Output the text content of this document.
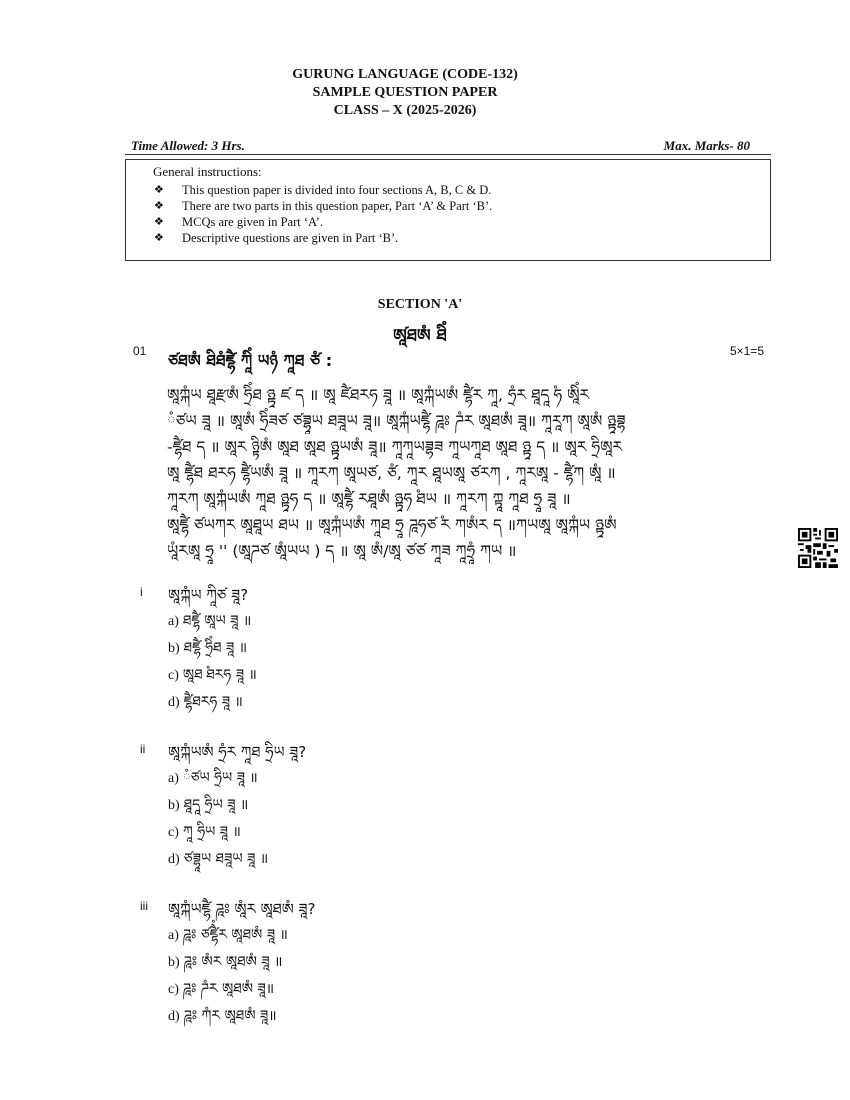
GURUNG LANGUAGE (CODE-132)
SAMPLE QUESTION PAPER
CLASS – X (2025-2026)
Time Allowed: 3 Hrs.	Max. Marks- 80
General instructions:
❖ This question paper is divided into four sections A, B, C & D.
❖ There are two parts in this question paper, Part ‘A’ & Part ‘B’.
❖ MCQs are given in Part ‘A’.
❖ Descriptive questions are given in Part ‘B’.
SECTION 'A'
ཨཱ༹ཐཨཾ ཐིཾ
01 ཙཐཨཾ ཐིཐཾཛྷཻ ཀཱིཾ ཡཉཾ ཀཱཐ ཙཾ :	5×1=5
ཨཱཀྐཾཡ ཐཱརྫཨཾ ཧྲིཾཐ ཉྟཱ ཛ ད ॥ ཨཱ ཛཻཐརཧ ཟཱ ॥ ཨཱཀྐཾཡཨཾ ཛྷཻཾར ཀཱ, ཧྲཾར ཐཱདཱ ཾཧ ཨཱིཾར
ཾཙཡ ཟཱ ॥ ཨཱཨཾ ཧྲིཾཟཙ ཙཟྷཱཡ ཐཟཱཡ ཟཱ॥ ཨཱཀྐཾཡཛྷཻ ཌཱཿ ཌཾར ཨཱཐཨཾ ཟཱ॥ ཀཱརཱཀ ཨཱཨཾ ཉྟཱཟྷ
-ཛྷཻཐ ད ॥ ཨཱར ཉྟིཨཾ ཨཱཐ ཨཱཐ ཉྟཱཡཨཾ ཟཱ॥ ཀཱཀཱཡཟྷཟ ཀཱཡཀཱཐ ཨཱཐ ཉྟཱ ད ॥ ཨཱར ཧྲིཨཱར
ཨཱ ཛྷཻཐ ཐརཧ ཛྷཻཡཨཾ ཟཱ ॥ ཀཱརཀ ཨཱཡཙ, ཙཾ, ཀཱར ཐཱཡཨཱ ཙརཀ , ཀཱརཨཱ - ཛྷཻཀ ཨཱཾ ॥
ཀཱརཀ ཨཱཀྐཾཡཨཾ ཀཱཐ ཉྟཱཧ ད ॥ ཨཱཛྷཻ རཐཱཨཾ ཉྟཱཧ ཾཐཡ ॥ ཀཱརཀ ཀྟཱ ཀཱཐ ཧྲཱ ཟཱ ॥
ཨཱཛྷཻ ཙཡཀར ཨཱཐཱཡ ཐཡ ॥ ཨཱཀྐཾཡཨཾ ཀཱཐ ཧྲཱ ཌཱཧཙ ཾར ཀཨཾར ད ॥ཀཡཨཱ ཨཱཀྐཾཡ ཉྟཱཨཾ
ཡཱཾརཨཱ ཧྲཱ '' (ཨཱཌཙ ཨཱཾཡཡ ) ད ॥ ཨཱ ཨཾ/ཨཱ ཙཙ ཀཱཟ ཀཱཧྲཱཾ ཀཡ ॥
i ཨཱཀྐཾཡ ཀཱིཙ ཟཱ?
a) ཐཛྷཻ ཨཱཡ ཟཱ ॥
b) ཐཛྷཻ ཧྲིཾཐ ཟཱ ॥
c) ཨཱཐ ཾཐརཧ ཟཱ ॥
d) ཛྷཻཐརཧ ཟཱ ॥
ii ཨཱཀྐཾཡཨཾ ཧྲཾར ཀཱཐ ཧྲིཡ ཟཱ?
a) ཾཙཡ ཧྲིཡ ཟཱ ॥
b) ཐཱདཱ ཧྲིཡ ཟཱ ॥
c) ཀཱ ཧྲིཡ ཟཱ ॥
d) ཙཟྷཱཡ ཐཟཱཡ ཟཱ ॥
iii ཨཱཀྐཾཡཛྷཻ ཌཱཿ ཨཱཾར ཨཱཐཨཾ ཟཱ?
a) ཌཱཿ ཙཛྷཻཾར ཨཱཐཨཾ ཟཱ ॥
b) ཌཱཿ ཨཾར ཨཱཐཨཾ ཟཱ ॥
c) ཌཱཿ ཌཾར ཨཱཐཨཾ ཟཱ॥
d) ཌཱཿ ཀཾར ཨཱཐཨཾ ཟཱ॥
